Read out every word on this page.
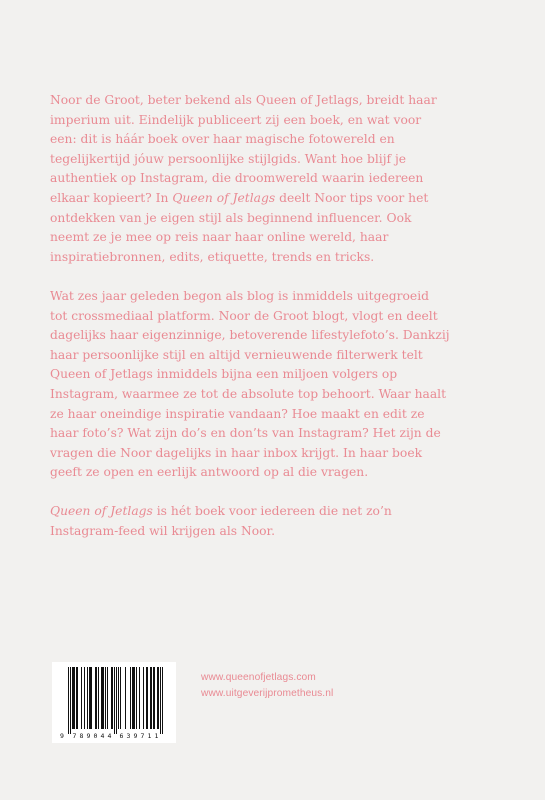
Noor de Groot, beter bekend als Queen of Jetlags, breidt haar imperium uit. Eindelijk publiceert zij een boek, en wat voor een: dit is háár boek over haar magische fotowereld en tegelijkertijd jóuw persoonlijke stijlgids. Want hoe blijf je authentiek op Instagram, die droomwereld waarin iedereen elkaar kopieert? In Queen of Jetlags deelt Noor tips voor het ontdekken van je eigen stijl als beginnend influencer. Ook neemt ze je mee op reis naar haar online wereld, haar inspiratiebronnen, edits, etiquette, trends en tricks.

Wat zes jaar geleden begon als blog is inmiddels uitgegroeid tot crossmediaal platform. Noor de Groot blogt, vlogt en deelt dagelijks haar eigenzinnige, betoverende lifestylefoto’s. Dankzij haar persoonlijke stijl en altijd vernieuwende filterwerk telt Queen of Jetlags inmiddels bijna een miljoen volgers op Instagram, waarmee ze tot de absolute top behoort. Waar haalt ze haar oneindige inspiratie vandaan? Hoe maakt en edit ze haar foto’s? Wat zijn do’s en don’ts van Instagram? Het zijn de vragen die Noor dagelijks in haar inbox krijgt. In haar boek geeft ze open en eerlijk antwoord op al die vragen.

Queen of Jetlags is hét boek voor iedereen die net zo’n Instagram-feed wil krijgen als Noor.

9 7 8 9 0 4 4 6 3 9 7 1 1
www.queenofjetlags.com
www.uitgeverijprometheus.nl
